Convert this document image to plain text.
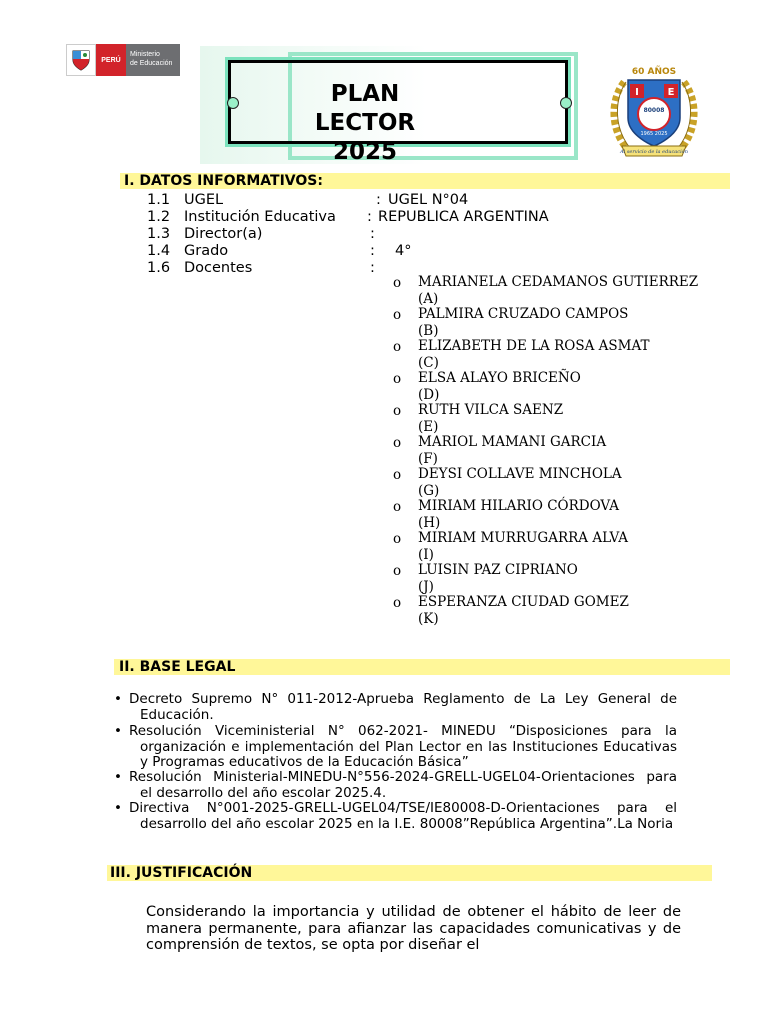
PERÚ
Ministerio
de Educación
PLAN
LECTOR
2025
60 AÑOS
I	E
80008
1965 2025
Al servicio de la educación
I. DATOS INFORMATIVOS:
1.1 UGEL	: UGEL N°04
1.2 Institución Educativa : REPUBLICA ARGENTINA
1.3 Director(a)	:
1.4 Grado	: 4°
1.6 Docentes	:
o MARIANELA CEDAMANOS GUTIERREZ
(A)
o PALMIRA CRUZADO CAMPOS
(B)
o ELIZABETH DE LA ROSA ASMAT
(C)
o ELSA ALAYO BRICEÑO
(D)
o RUTH VILCA SAENZ
(E)
o MARIOL MAMANI GARCIA
(F)
o DEYSI COLLAVE MINCHOLA
(G)
o MIRIAM HILARIO CÓRDOVA
(H)
o MIRIAM MURRUGARRA ALVA
(I)
o LUISIN PAZ CIPRIANO
(J)
o ESPERANZA CIUDAD GOMEZ
(K)
II. BASE LEGAL
• Decreto Supremo N° 011-2012-Aprueba Reglamento de La Ley General de Educación.
• Resolución Viceministerial N° 062-2021- MINEDU “Disposiciones para la organización e implementación del Plan Lector en las Instituciones Educativas y Programas educativos de la Educación Básica”
• Resolución Ministerial-MINEDU-N°556-2024-GRELL-UGEL04-Orientaciones para el desarrollo del año escolar 2025.4.
• Directiva N°001-2025-GRELL-UGEL04/TSE/IE80008-D-Orientaciones para el desarrollo del año escolar 2025 en la I.E. 80008”República Argentina”.La Noria
III. JUSTIFICACIÓN
Considerando la importancia y utilidad de obtener el hábito de leer de manera permanente, para afianzar las capacidades comunicativas y de comprensión de textos, se opta por diseñar el
